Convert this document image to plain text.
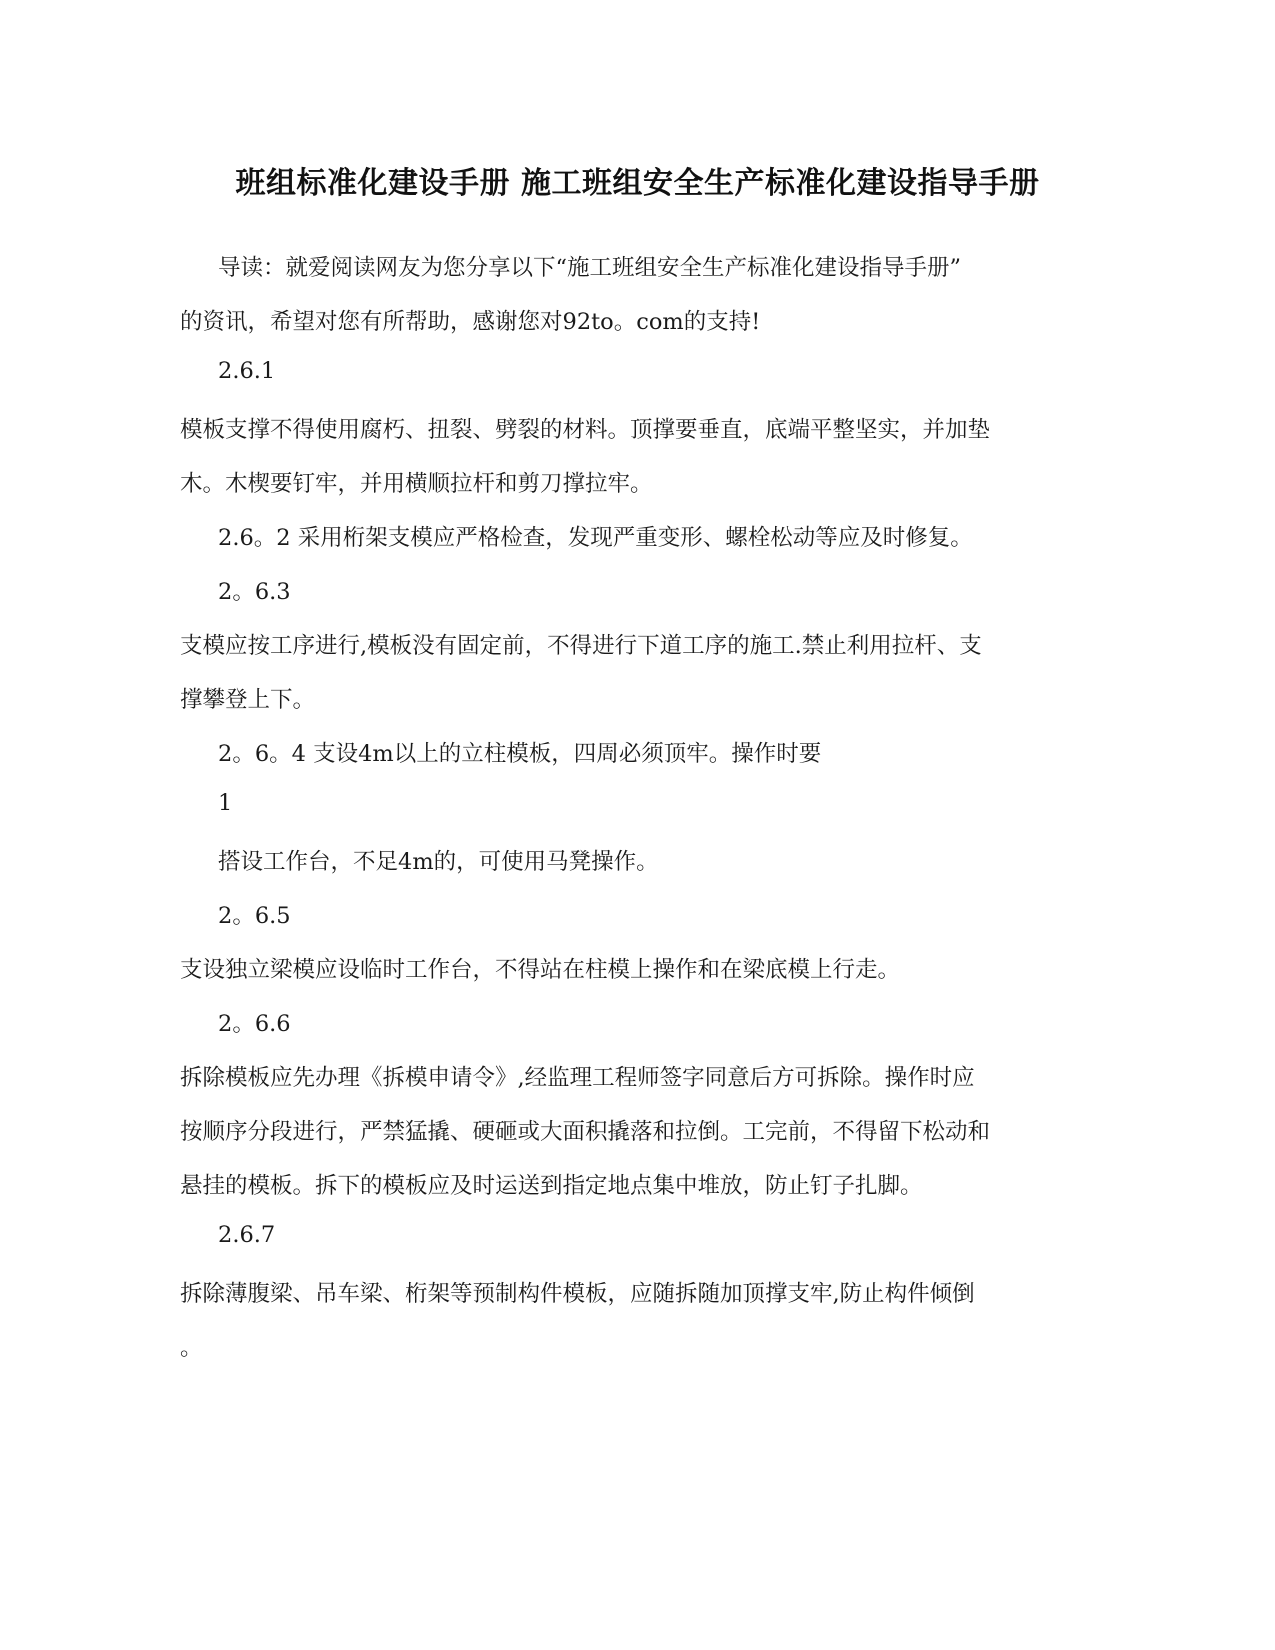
班组标准化建设手册 施工班组安全生产标准化建设指导手册
导读：就爱阅读网友为您分享以下“施工班组安全生产标准化建设指导手册”
的资讯，希望对您有所帮助，感谢您对92to。com的支持!
2.6.1
模板支撑不得使用腐朽、扭裂、劈裂的材料。顶撑要垂直，底端平整坚实，并加垫
木。木楔要钉牢，并用横顺拉杆和剪刀撑拉牢。
2.6。2 采用桁架支模应严格检查，发现严重变形、螺栓松动等应及时修复。
2。6.3
支模应按工序进行,模板没有固定前，不得进行下道工序的施工.禁止利用拉杆、支
撑攀登上下。
2。6。4 支设4m以上的立柱模板，四周必须顶牢。操作时要
1
搭设工作台，不足4m的，可使用马凳操作。
2。6.5
支设独立梁模应设临时工作台，不得站在柱模上操作和在梁底模上行走。
2。6.6
拆除模板应先办理《拆模申请令》,经监理工程师签字同意后方可拆除。操作时应
按顺序分段进行，严禁猛撬、硬砸或大面积撬落和拉倒。工完前，不得留下松动和
悬挂的模板。拆下的模板应及时运送到指定地点集中堆放，防止钉子扎脚。
2.6.7
拆除薄腹梁、吊车梁、桁架等预制构件模板，应随拆随加顶撑支牢,防止构件倾倒
。
